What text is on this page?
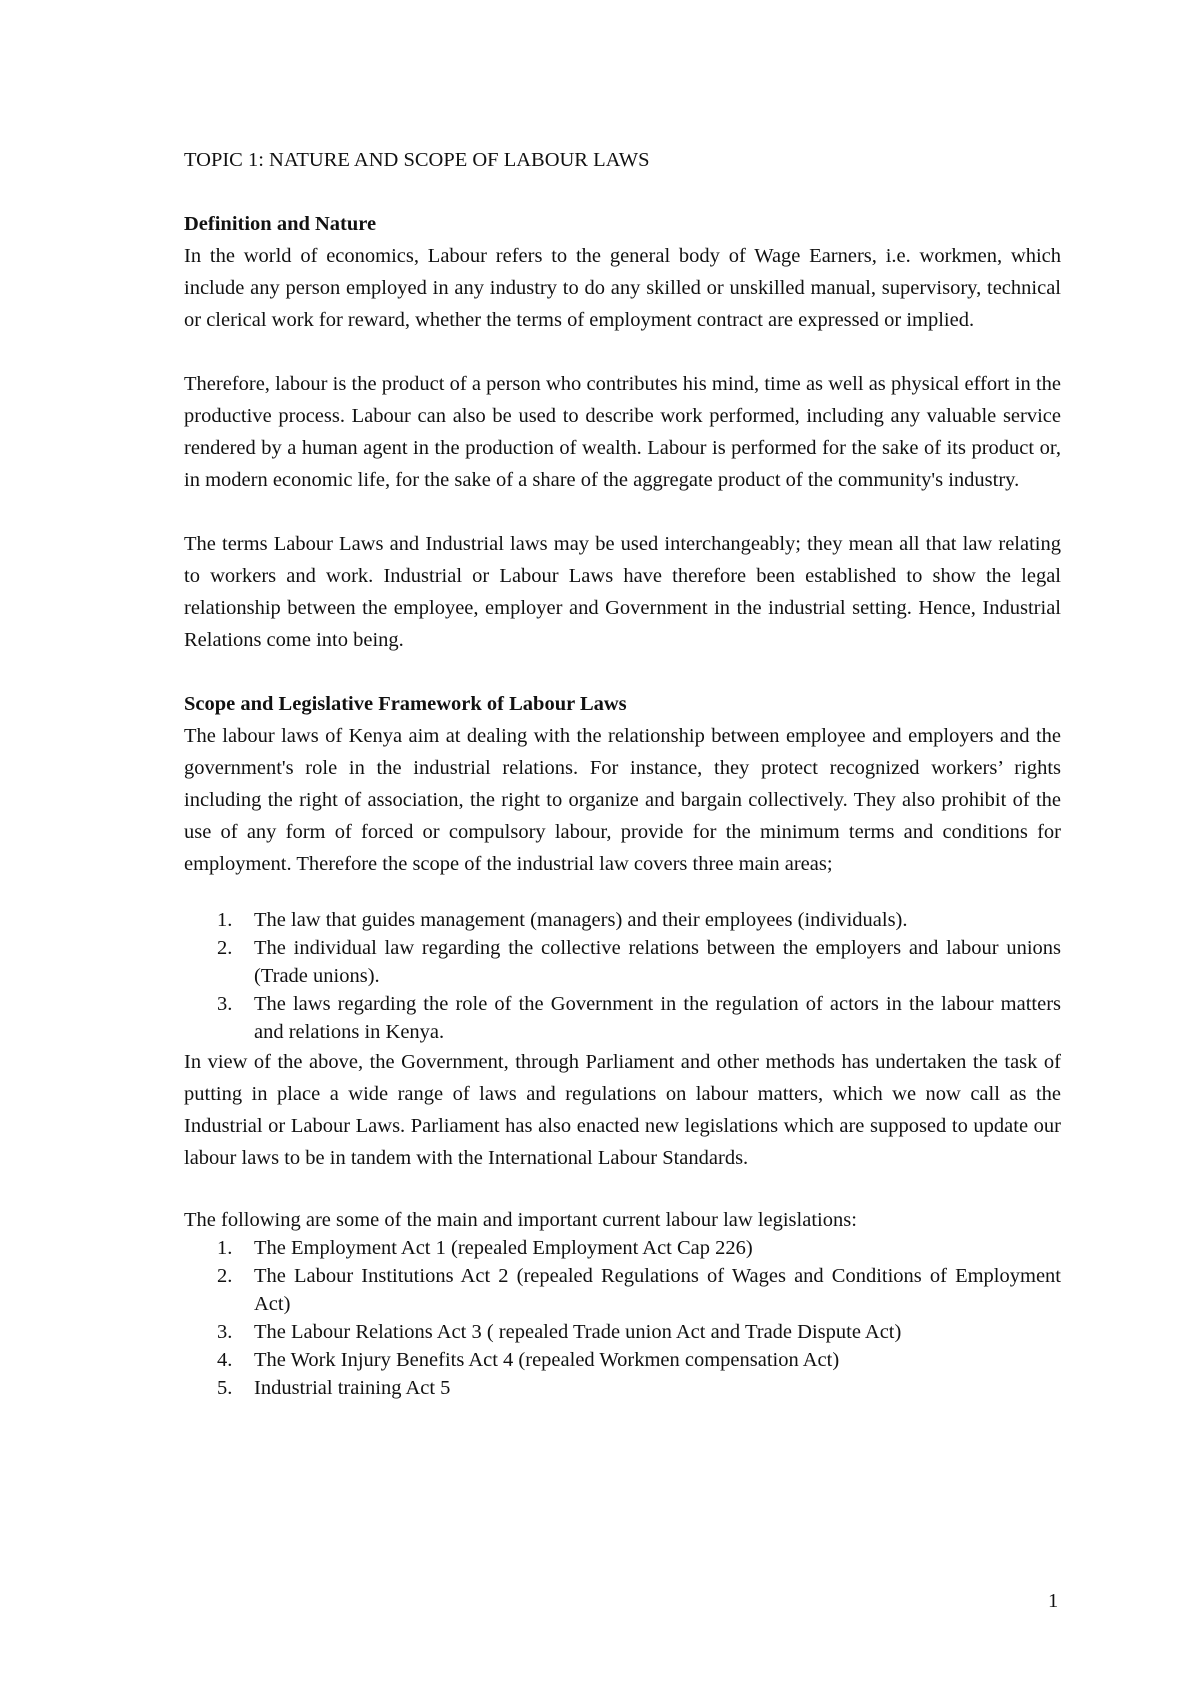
TOPIC 1: NATURE AND SCOPE OF LABOUR LAWS

Definition and Nature

In the world of economics, Labour refers to the general body of Wage Earners, i.e. workmen, which include any person employed in any industry to do any skilled or unskilled manual, supervisory, technical or clerical work for reward, whether the terms of employment contract are expressed or implied.

Therefore, labour is the product of a person who contributes his mind, time as well as physical effort in the productive process. Labour can also be used to describe work performed, including any valuable service rendered by a human agent in the production of wealth. Labour is performed for the sake of its product or, in modern economic life, for the sake of a share of the aggregate product of the community's industry.

The terms Labour Laws and Industrial laws may be used interchangeably; they mean all that law relating to workers and work. Industrial or Labour Laws have therefore been established to show the legal relationship between the employee, employer and Government in the industrial setting. Hence, Industrial Relations come into being.

Scope and Legislative Framework of Labour Laws

The labour laws of Kenya aim at dealing with the relationship between employee and employers and the government's role in the industrial relations. For instance, they protect recognized workers’ rights including the right of association, the right to organize and bargain collectively. They also prohibit of the use of any form of forced or compulsory labour, provide for the minimum terms and conditions for employment. Therefore the scope of the industrial law covers three main areas;

1. The law that guides management (managers) and their employees (individuals).
2. The individual law regarding the collective relations between the employers and labour unions (Trade unions).
3. The laws regarding the role of the Government in the regulation of actors in the labour matters and relations in Kenya.

In view of the above, the Government, through Parliament and other methods has undertaken the task of putting in place a wide range of laws and regulations on labour matters, which we now call as the Industrial or Labour Laws. Parliament has also enacted new legislations which are supposed to update our labour laws to be in tandem with the International Labour Standards.

The following are some of the main and important current labour law legislations:

1. The Employment Act 1 (repealed Employment Act Cap 226)
2. The Labour Institutions Act 2 (repealed Regulations of Wages and Conditions of Employment Act)
3. The Labour Relations Act 3 ( repealed Trade union Act and Trade Dispute Act)
4. The Work Injury Benefits Act 4 (repealed Workmen compensation Act)
5. Industrial training Act 5
1
